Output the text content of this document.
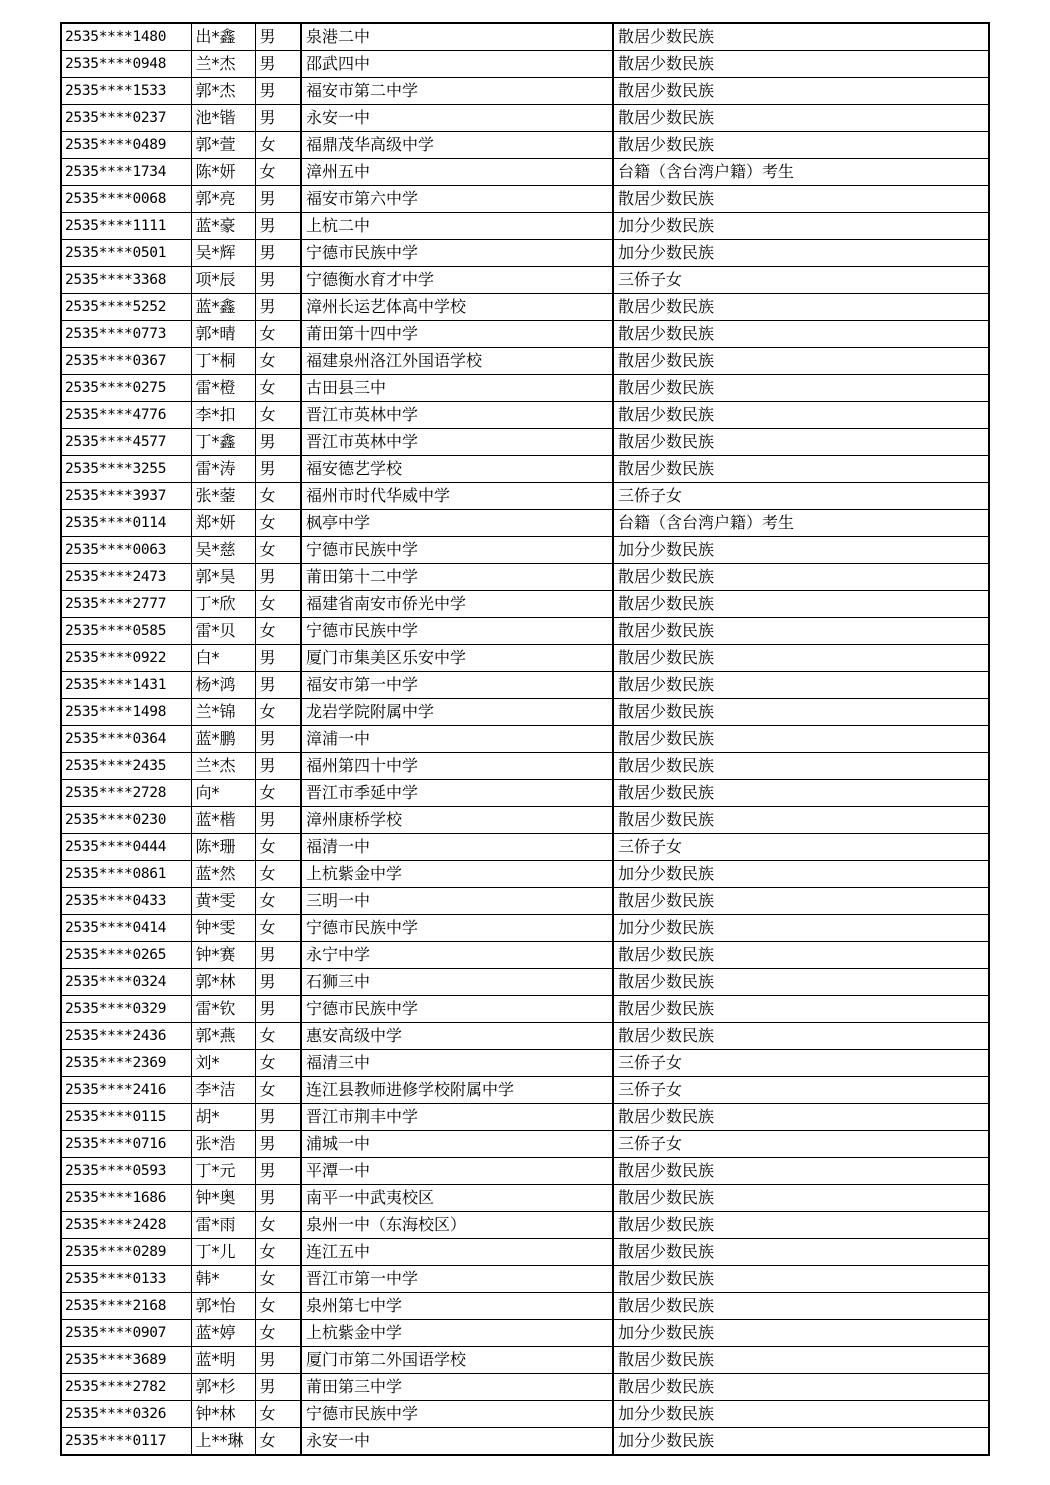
2535****1480	出*鑫	男	泉港二中	散居少数民族
2535****0948	兰*杰	男	邵武四中	散居少数民族
2535****1533	郭*杰	男	福安市第二中学	散居少数民族
2535****0237	池*锴	男	永安一中	散居少数民族
2535****0489	郭*萱	女	福鼎茂华高级中学	散居少数民族
2535****1734	陈*妍	女	漳州五中	台籍（含台湾户籍）考生
2535****0068	郭*亮	男	福安市第六中学	散居少数民族
2535****1111	蓝*豪	男	上杭二中	加分少数民族
2535****0501	吴*辉	男	宁德市民族中学	加分少数民族
2535****3368	项*辰	男	宁德衡水育才中学	三侨子女
2535****5252	蓝*鑫	男	漳州长运艺体高中学校	散居少数民族
2535****0773	郭*晴	女	莆田第十四中学	散居少数民族
2535****0367	丁*桐	女	福建泉州洛江外国语学校	散居少数民族
2535****0275	雷*橙	女	古田县三中	散居少数民族
2535****4776	李*扣	女	晋江市英林中学	散居少数民族
2535****4577	丁*鑫	男	晋江市英林中学	散居少数民族
2535****3255	雷*涛	男	福安德艺学校	散居少数民族
2535****3937	张*蓥	女	福州市时代华威中学	三侨子女
2535****0114	郑*妍	女	枫亭中学	台籍（含台湾户籍）考生
2535****0063	吴*慈	女	宁德市民族中学	加分少数民族
2535****2473	郭*昊	男	莆田第十二中学	散居少数民族
2535****2777	丁*欣	女	福建省南安市侨光中学	散居少数民族
2535****0585	雷*贝	女	宁德市民族中学	散居少数民族
2535****0922	白*	男	厦门市集美区乐安中学	散居少数民族
2535****1431	杨*鸿	男	福安市第一中学	散居少数民族
2535****1498	兰*锦	女	龙岩学院附属中学	散居少数民族
2535****0364	蓝*鹏	男	漳浦一中	散居少数民族
2535****2435	兰*杰	男	福州第四十中学	散居少数民族
2535****2728	向*	女	晋江市季延中学	散居少数民族
2535****0230	蓝*楷	男	漳州康桥学校	散居少数民族
2535****0444	陈*珊	女	福清一中	三侨子女
2535****0861	蓝*然	女	上杭紫金中学	加分少数民族
2535****0433	黄*雯	女	三明一中	散居少数民族
2535****0414	钟*雯	女	宁德市民族中学	加分少数民族
2535****0265	钟*赛	男	永宁中学	散居少数民族
2535****0324	郭*林	男	石狮三中	散居少数民族
2535****0329	雷*钦	男	宁德市民族中学	散居少数民族
2535****2436	郭*燕	女	惠安高级中学	散居少数民族
2535****2369	刘*	女	福清三中	三侨子女
2535****2416	李*洁	女	连江县教师进修学校附属中学	三侨子女
2535****0115	胡*	男	晋江市荆丰中学	散居少数民族
2535****0716	张*浩	男	浦城一中	三侨子女
2535****0593	丁*元	男	平潭一中	散居少数民族
2535****1686	钟*奥	男	南平一中武夷校区	散居少数民族
2535****2428	雷*雨	女	泉州一中（东海校区）	散居少数民族
2535****0289	丁*儿	女	连江五中	散居少数民族
2535****0133	韩*	女	晋江市第一中学	散居少数民族
2535****2168	郭*怡	女	泉州第七中学	散居少数民族
2535****0907	蓝*婷	女	上杭紫金中学	加分少数民族
2535****3689	蓝*明	男	厦门市第二外国语学校	散居少数民族
2535****2782	郭*杉	男	莆田第三中学	散居少数民族
2535****0326	钟*林	女	宁德市民族中学	加分少数民族
2535****0117	上**琳	女	永安一中	加分少数民族
